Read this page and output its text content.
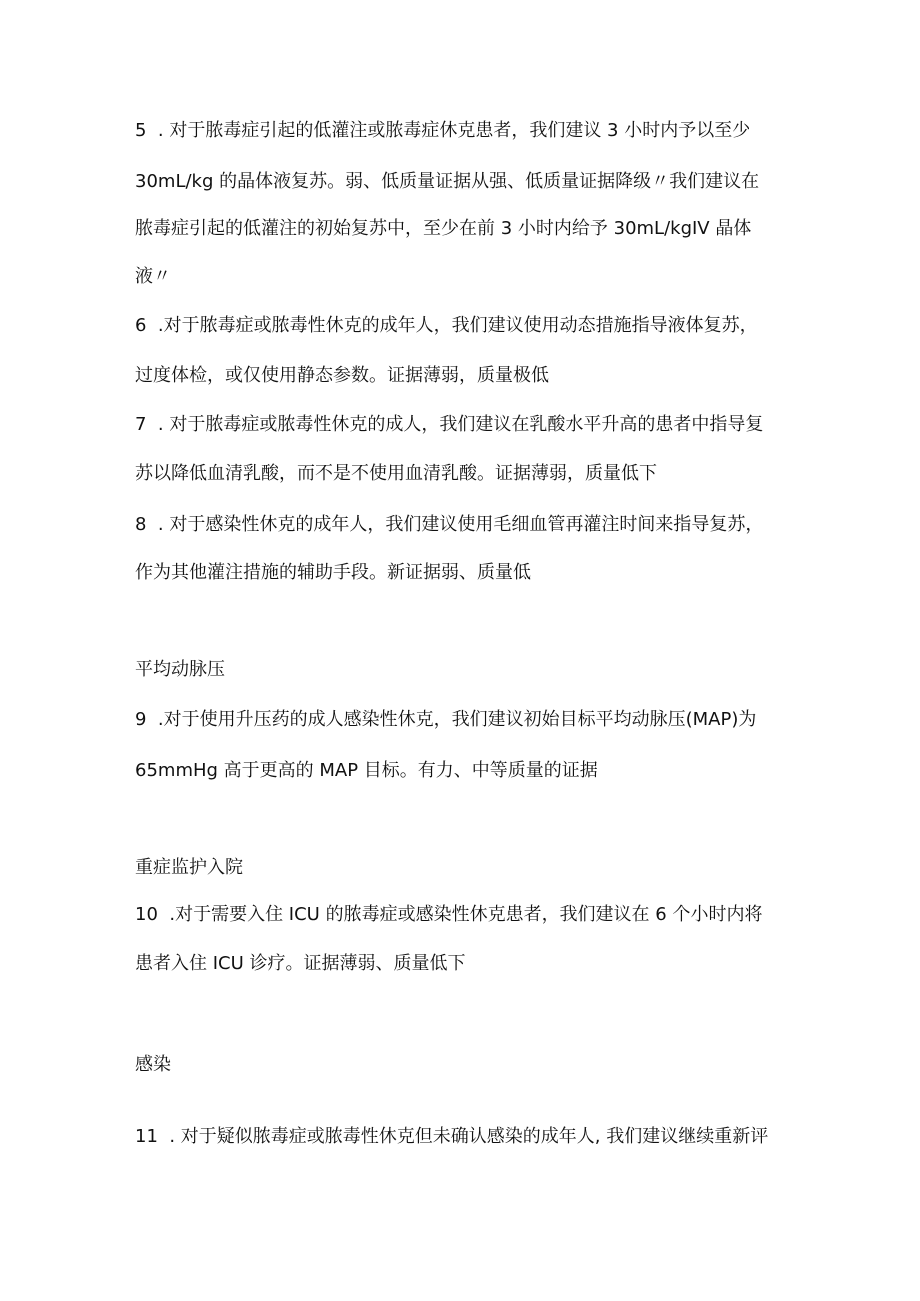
5  . 对于脓毒症引起的低灌注或脓毒症休克患者，我们建议 3 小时内予以至少
30mL/kg 的晶体液复苏。弱、低质量证据从强、低质量证据降级〃我们建议在
脓毒症引起的低灌注的初始复苏中，至少在前 3 小时内给予 30mL/kgIV 晶体
液〃
6  .对于脓毒症或脓毒性休克的成年人，我们建议使用动态措施指导液体复苏，
过度体检，或仅使用静态参数。证据薄弱，质量极低
7  . 对于脓毒症或脓毒性休克的成人，我们建议在乳酸水平升高的患者中指导复
苏以降低血清乳酸，而不是不使用血清乳酸。证据薄弱，质量低下
8  . 对于感染性休克的成年人，我们建议使用毛细血管再灌注时间来指导复苏，
作为其他灌注措施的辅助手段。新证据弱、质量低
平均动脉压
9  .对于使用升压药的成人感染性休克，我们建议初始目标平均动脉压(MAP)为
65mmHg 高于更高的 MAP 目标。有力、中等质量的证据
重症监护入院
10  .对于需要入住 ICU 的脓毒症或感染性休克患者，我们建议在 6 个小时内将
患者入住 ICU 诊疗。证据薄弱、质量低下
感染
11  . 对于疑似脓毒症或脓毒性休克但未确认感染的成年人, 我们建议继续重新评
